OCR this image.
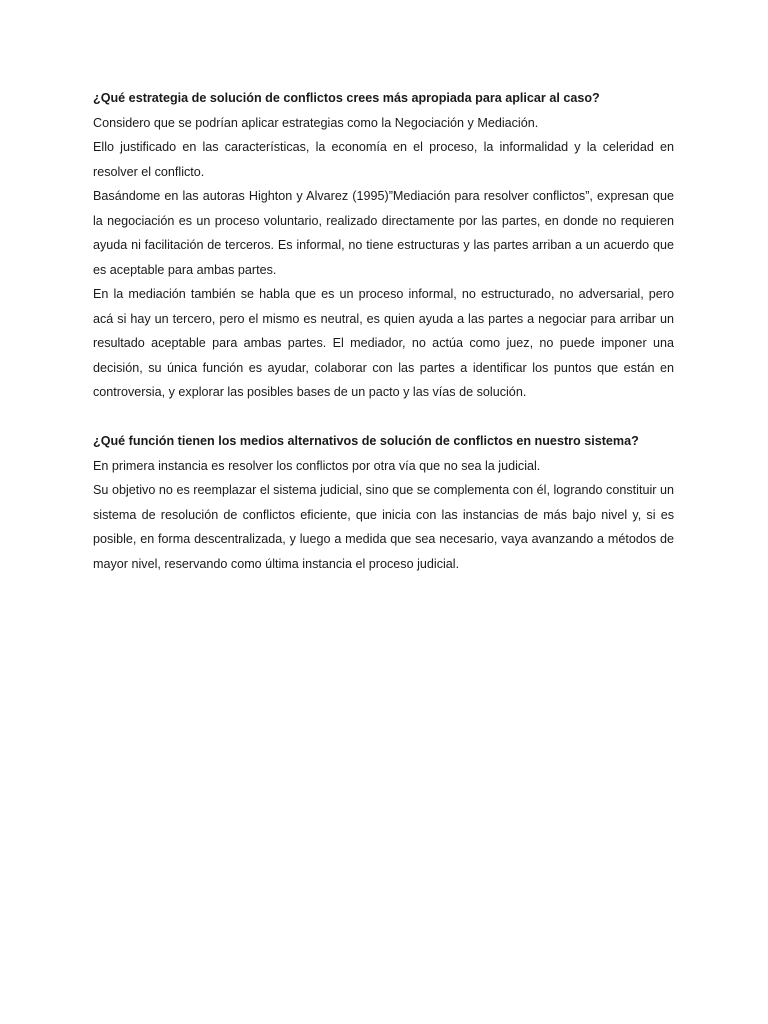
¿Qué estrategia de solución de conflictos crees más apropiada para aplicar al caso?

Considero que se podrían aplicar estrategias como la Negociación y Mediación.

Ello justificado en las características, la economía en el proceso, la informalidad y la celeridad en resolver el conflicto.

Basándome en las autoras Highton y Alvarez (1995)”Mediación para resolver conflictos”, expresan que la negociación es un proceso voluntario, realizado directamente por las partes, en donde no requieren ayuda ni facilitación de terceros. Es informal, no tiene estructuras y las partes arriban a un acuerdo que es aceptable para ambas partes.

En la mediación también se habla que es un proceso informal, no estructurado, no adversarial, pero acá si hay un tercero, pero el mismo es neutral, es quien ayuda a las partes a negociar para arribar un resultado aceptable para ambas partes. El mediador, no actúa como juez, no puede imponer una decisión, su única función es ayudar, colaborar con las partes a identificar los puntos que están en controversia, y explorar las posibles bases de un pacto y las vías de solución.

¿Qué función tienen los medios alternativos de solución de conflictos en nuestro sistema?

En primera instancia es resolver los conflictos por otra vía que no sea la judicial.

Su objetivo no es reemplazar el sistema judicial, sino que se complementa con él, logrando constituir un sistema de resolución de conflictos eficiente, que inicia con las instancias de más bajo nivel y, si es posible, en forma descentralizada, y luego a medida que sea necesario, vaya avanzando a métodos de mayor nivel, reservando como última instancia el proceso judicial.
